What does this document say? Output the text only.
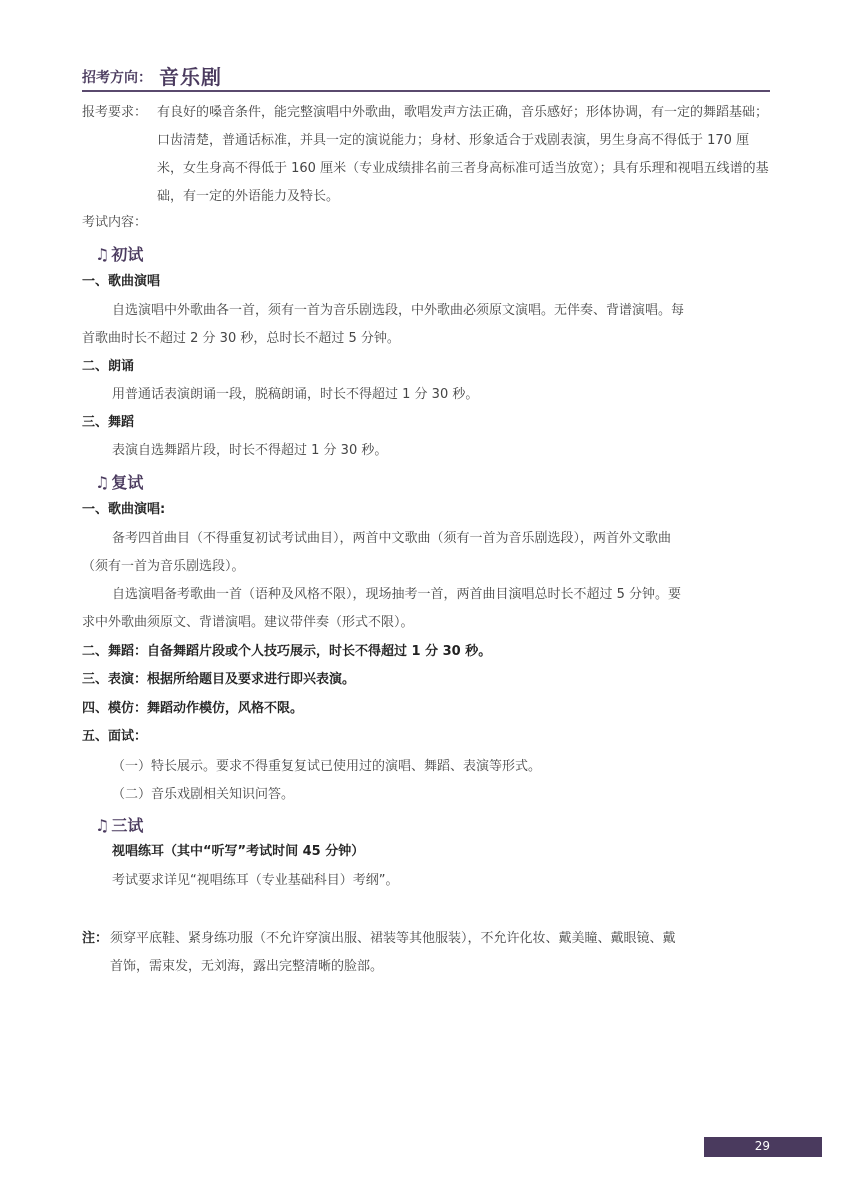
招考方向： 音乐剧
报考要求： 有良好的嗓音条件，能完整演唱中外歌曲，歌唱发声方法正确，音乐感好；形体协调，有一定的舞蹈基础；口齿清楚，普通话标准，并具一定的演说能力；身材、形象适合于戏剧表演，男生身高不得低于 170 厘米，女生身高不得低于 160 厘米（专业成绩排名前三者身高标准可适当放宽）；具有乐理和视唱五线谱的基础，有一定的外语能力及特长。
考试内容：
♫ 初试
一、歌曲演唱
自选演唱中外歌曲各一首，须有一首为音乐剧选段，中外歌曲必须原文演唱。无伴奏、背谱演唱。每
首歌曲时长不超过 2 分 30 秒，总时长不超过 5 分钟。
二、朗诵
用普通话表演朗诵一段，脱稿朗诵，时长不得超过 1 分 30 秒。
三、舞蹈
表演自选舞蹈片段，时长不得超过 1 分 30 秒。
♫ 复试
一、歌曲演唱:
备考四首曲目（不得重复初试考试曲目），两首中文歌曲（须有一首为音乐剧选段），两首外文歌曲
（须有一首为音乐剧选段）。
自选演唱备考歌曲一首（语种及风格不限），现场抽考一首，两首曲目演唱总时长不超过 5 分钟。要
求中外歌曲须原文、背谱演唱。建议带伴奏（形式不限）。
二、舞蹈：自备舞蹈片段或个人技巧展示，时长不得超过 1 分 30 秒。
三、表演：根据所给题目及要求进行即兴表演。
四、模仿：舞蹈动作模仿，风格不限。
五、面试：
（一）特长展示。要求不得重复复试已使用过的演唱、舞蹈、表演等形式。
（二）音乐戏剧相关知识问答。
♫ 三试
视唱练耳（其中“听写”考试时间 45 分钟）
考试要求详见“视唱练耳（专业基础科目）考纲”。
注： 须穿平底鞋、紧身练功服（不允许穿演出服、裙装等其他服装），不允许化妆、戴美瞳、戴眼镜、戴
首饰，需束发，无刘海，露出完整清晰的脸部。
29
